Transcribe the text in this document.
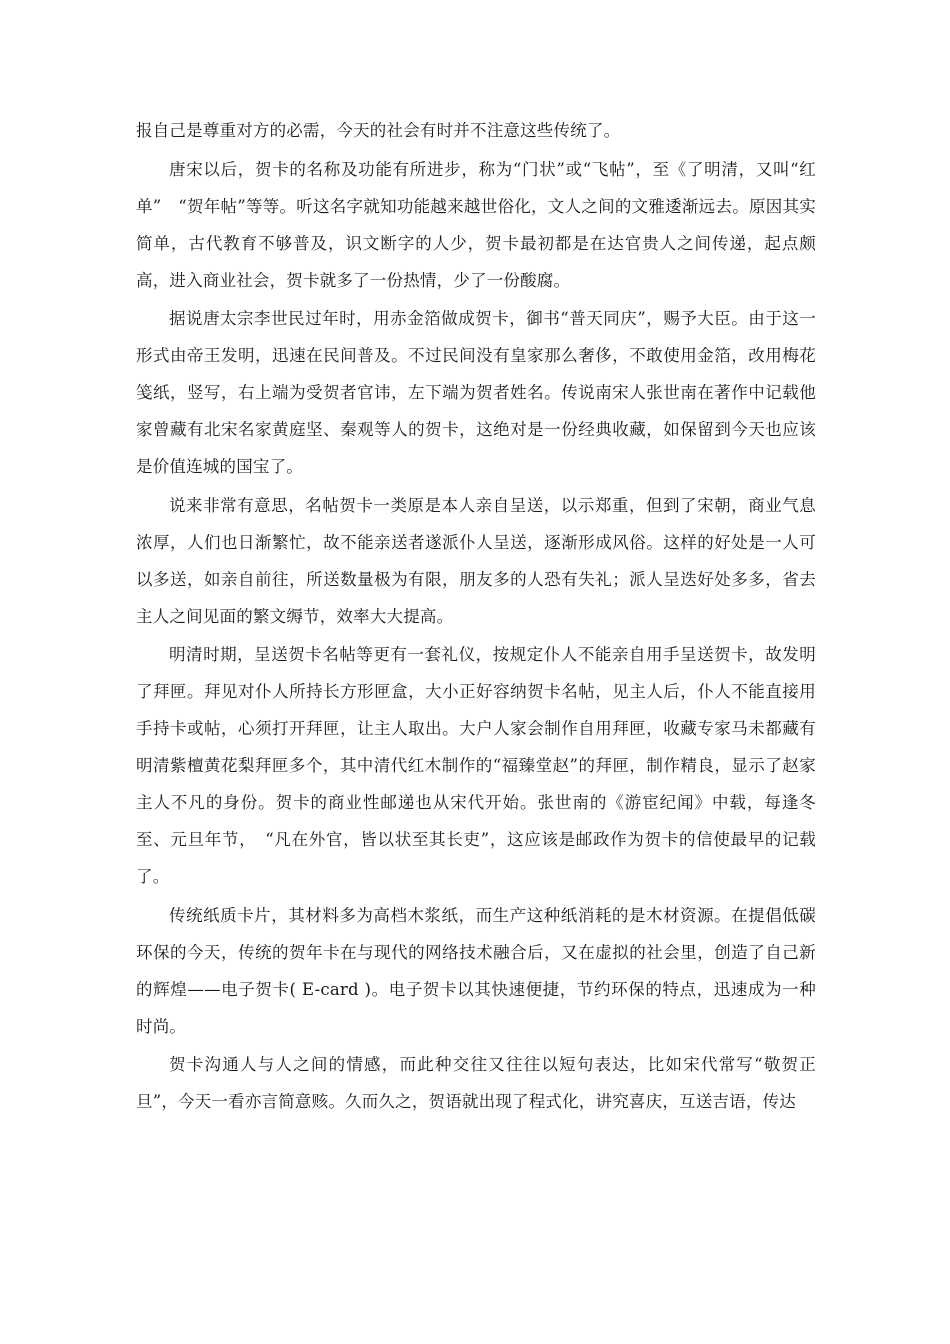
报自己是尊重对方的必需，今天的社会有时并不注意这些传统了。

唐宋以后，贺卡的名称及功能有所进步，称为“门状”或“飞帖”，至《了明清，又叫“红单”　“贺年帖”等等。听这名字就知功能越来越世俗化，文人之间的文雅逶渐远去。原因其实简单，古代教育不够普及，识文断字的人少，贺卡最初都是在达官贵人之间传递，起点颇高，进入商业社会，贺卡就多了一份热情，少了一份酸腐。

据说唐太宗李世民过年时，用赤金箔做成贺卡，御书“普天同庆”，赐予大臣。由于这一形式由帝王发明，迅速在民间普及。不过民间没有皇家那么奢侈，不敢使用金箔，改用梅花笺纸，竖写，右上端为受贺者官讳，左下端为贺者姓名。传说南宋人张世南在著作中记载他家曾藏有北宋名家黄庭坚、秦观等人的贺卡，这绝对是一份经典收藏，如保留到今天也应该是价值连城的国宝了。

说来非常有意思，名帖贺卡一类原是本人亲自呈送，以示郑重，但到了宋朝，商业气息浓厚，人们也日渐繁忙，故不能亲送者遂派仆人呈送，逐渐形成风俗。这样的好处是一人可以多送，如亲自前往，所送数量极为有限，朋友多的人恐有失礼；派人呈迭好处多多，省去主人之间见面的繁文缛节，效率大大提高。

明清时期，呈送贺卡名帖等更有一套礼仪，按规定仆人不能亲自用手呈送贺卡，故发明了拜匣。拜见对仆人所持长方形匣盒，大小正好容纳贺卡名帖，见主人后，仆人不能直接用手持卡或帖，心须打开拜匣，让主人取出。大户人家会制作自用拜匣，收藏专家马未都藏有明清紫檀黄花梨拜匣多个，其中清代红木制作的“福臻堂赵”的拜匣，制作精良，显示了赵家主人不凡的身份。贺卡的商业性邮递也从宋代开始。张世南的《游宦纪闻》中载，每逢冬至、元旦年节，　“凡在外官，皆以状至其长吏”，这应该是邮政作为贺卡的信使最早的记载了。

传统纸质卡片，其材料多为高档木浆纸，而生产这种纸消耗的是木材资源。在提倡低碳环保的今天，传统的贺年卡在与现代的网络技术融合后，又在虚拟的社会里，创造了自己新的辉煌——电子贺卡( E-card )。电子贺卡以其快速便捷，节约环保的特点，迅速成为一种时尚。

贺卡沟通人与人之间的情感，而此种交往又往往以短句表达，比如宋代常写“敬贺正旦”，今天一看亦言简意赅。久而久之，贺语就出现了程式化，讲究喜庆，互送吉语，传达
